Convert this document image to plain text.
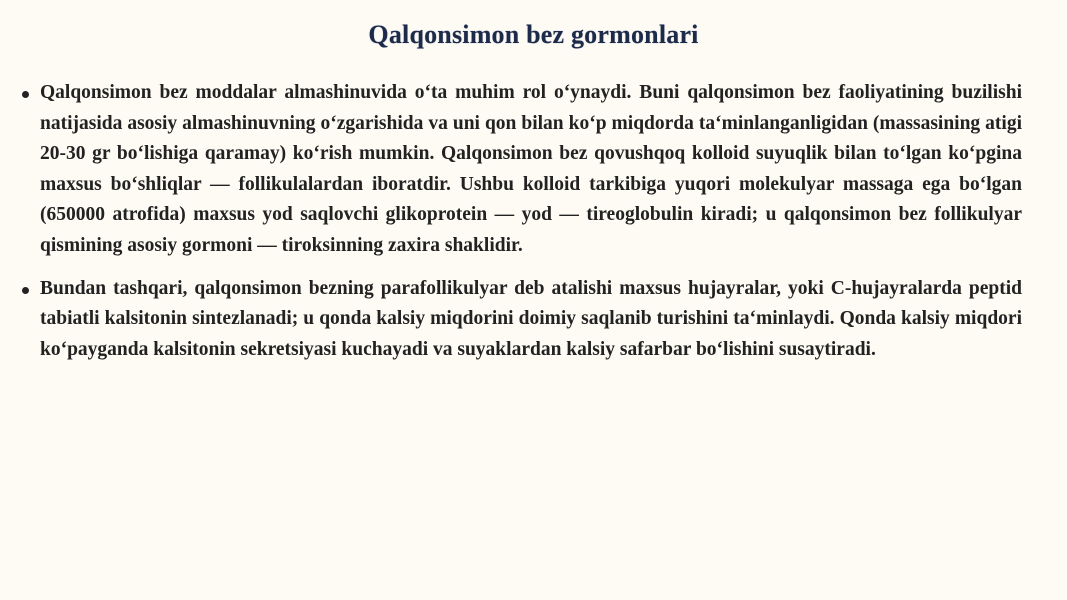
Qalqonsimon bez gormonlari
Qalqonsimon bez moddalar almashinuvida o‘ta muhim rol o‘ynaydi. Buni qalqonsimon bez faoliyatining buzilishi natijasida asosiy almashinuvning o‘zgarishida va uni qon bilan ko‘p miqdorda ta‘minlanganligidan (massasining atigi 20-30 gr bo‘lishiga qaramay) ko‘rish mumkin. Qalqonsimon bez qovushqoq kolloid suyuqlik bilan to‘lgan ko‘pgina maxsus bo‘shliqlar — follikulalardan iboratdir. Ushbu kolloid tarkibiga yuqori molekulyar massaga ega bo‘lgan (650000 atrofida) maxsus yod saqlovchi glikoprotein — yod — tireoglobulin kiradi; u qalqonsimon bez follikulyar qismining asosiy gormoni — tiroksinning zaxira shaklidir.
Bundan tashqari, qalqonsimon bezning parafollikulyar deb atalishi maxsus hujayralar, yoki C-hujayralarda peptid tabiatli kalsitonin sintezlanadi; u qonda kalsiy miqdorini doimiy saqlanib turishini ta‘minlaydi. Qonda kalsiy miqdori ko‘payganda kalsitonin sekretsiyasi kuchayadi va suyaklardan kalsiy safarbar bo‘lishini susaytiradi.
